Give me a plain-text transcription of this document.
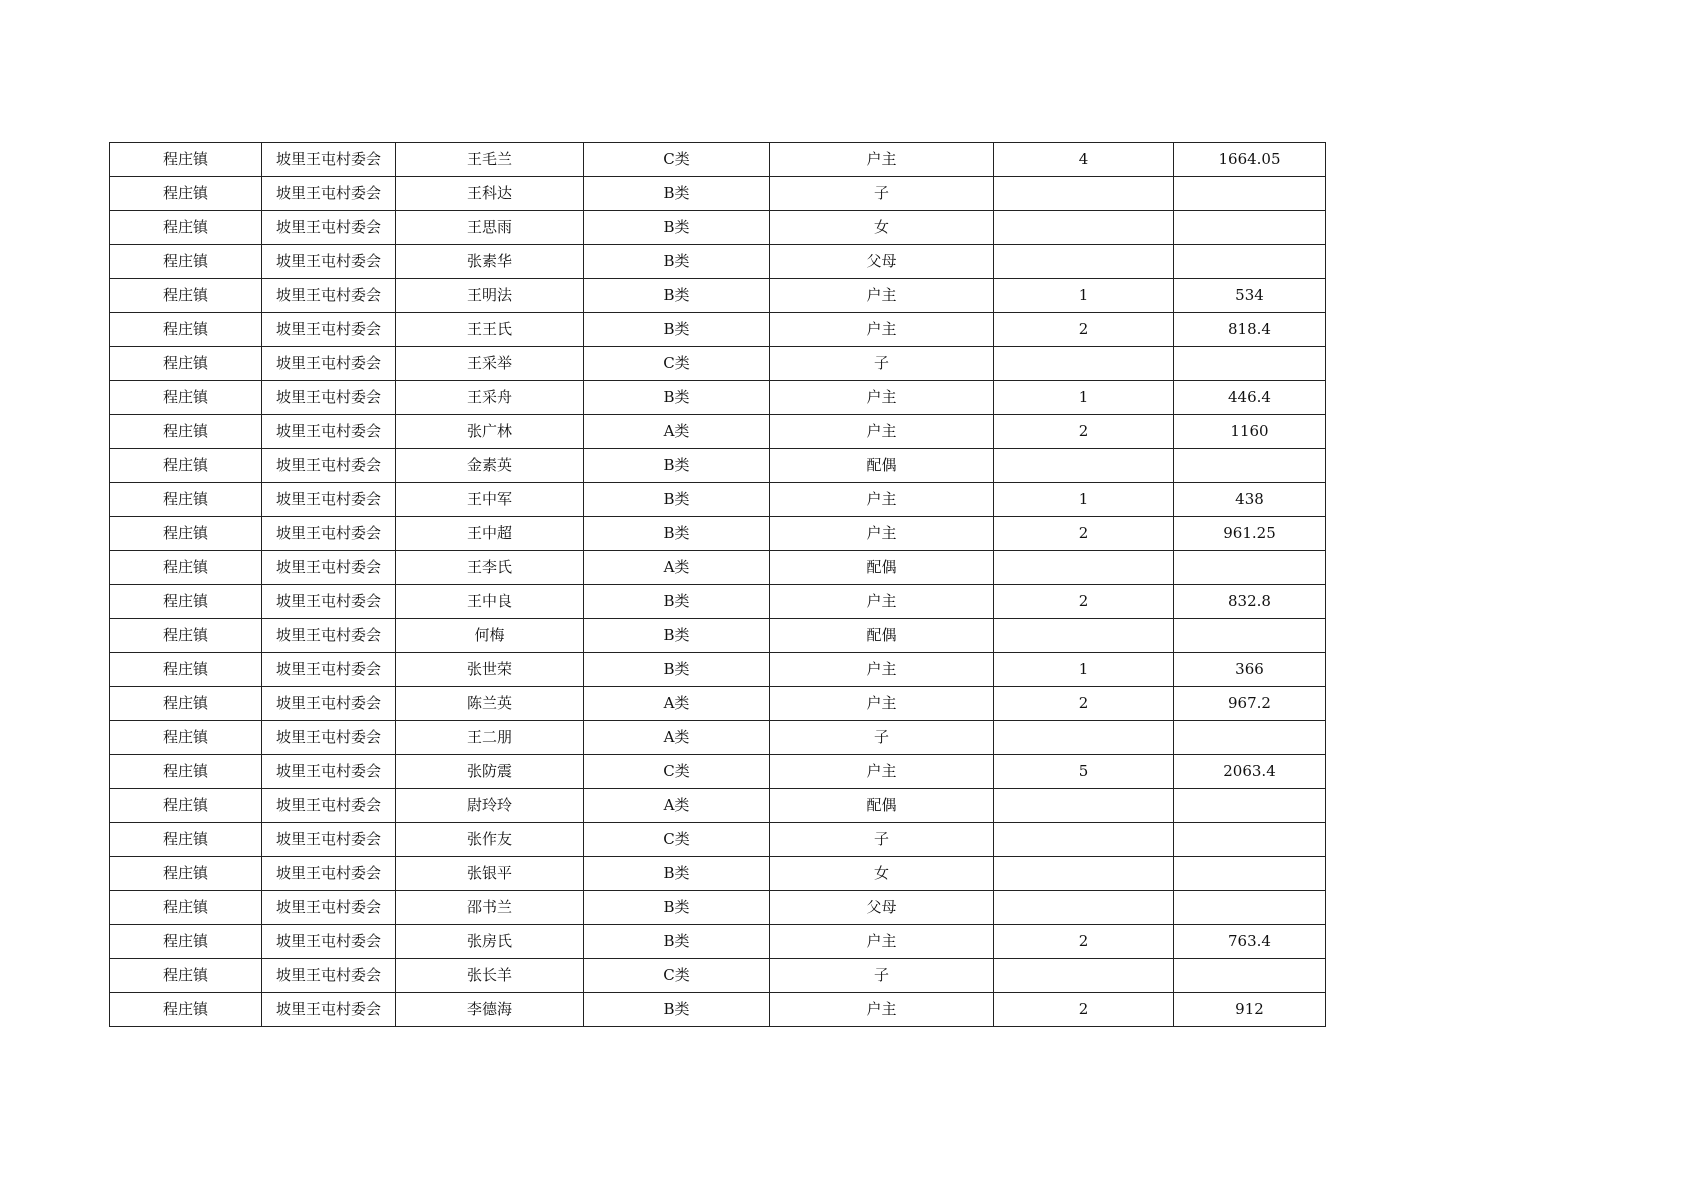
程庄镇	坡里王屯村委会	王毛兰	C类	户主	4	1664.05
程庄镇	坡里王屯村委会	王科达	B类	子		
程庄镇	坡里王屯村委会	王思雨	B类	女		
程庄镇	坡里王屯村委会	张素华	B类	父母		
程庄镇	坡里王屯村委会	王明法	B类	户主	1	534
程庄镇	坡里王屯村委会	王王氏	B类	户主	2	818.4
程庄镇	坡里王屯村委会	王采举	C类	子		
程庄镇	坡里王屯村委会	王采舟	B类	户主	1	446.4
程庄镇	坡里王屯村委会	张广林	A类	户主	2	1160
程庄镇	坡里王屯村委会	金素英	B类	配偶		
程庄镇	坡里王屯村委会	王中军	B类	户主	1	438
程庄镇	坡里王屯村委会	王中超	B类	户主	2	961.25
程庄镇	坡里王屯村委会	王李氏	A类	配偶		
程庄镇	坡里王屯村委会	王中良	B类	户主	2	832.8
程庄镇	坡里王屯村委会	何梅	B类	配偶		
程庄镇	坡里王屯村委会	张世荣	B类	户主	1	366
程庄镇	坡里王屯村委会	陈兰英	A类	户主	2	967.2
程庄镇	坡里王屯村委会	王二朋	A类	子		
程庄镇	坡里王屯村委会	张防震	C类	户主	5	2063.4
程庄镇	坡里王屯村委会	尉玲玲	A类	配偶		
程庄镇	坡里王屯村委会	张作友	C类	子		
程庄镇	坡里王屯村委会	张银平	B类	女		
程庄镇	坡里王屯村委会	邵书兰	B类	父母		
程庄镇	坡里王屯村委会	张房氏	B类	户主	2	763.4
程庄镇	坡里王屯村委会	张长羊	C类	子		
程庄镇	坡里王屯村委会	李德海	B类	户主	2	912
